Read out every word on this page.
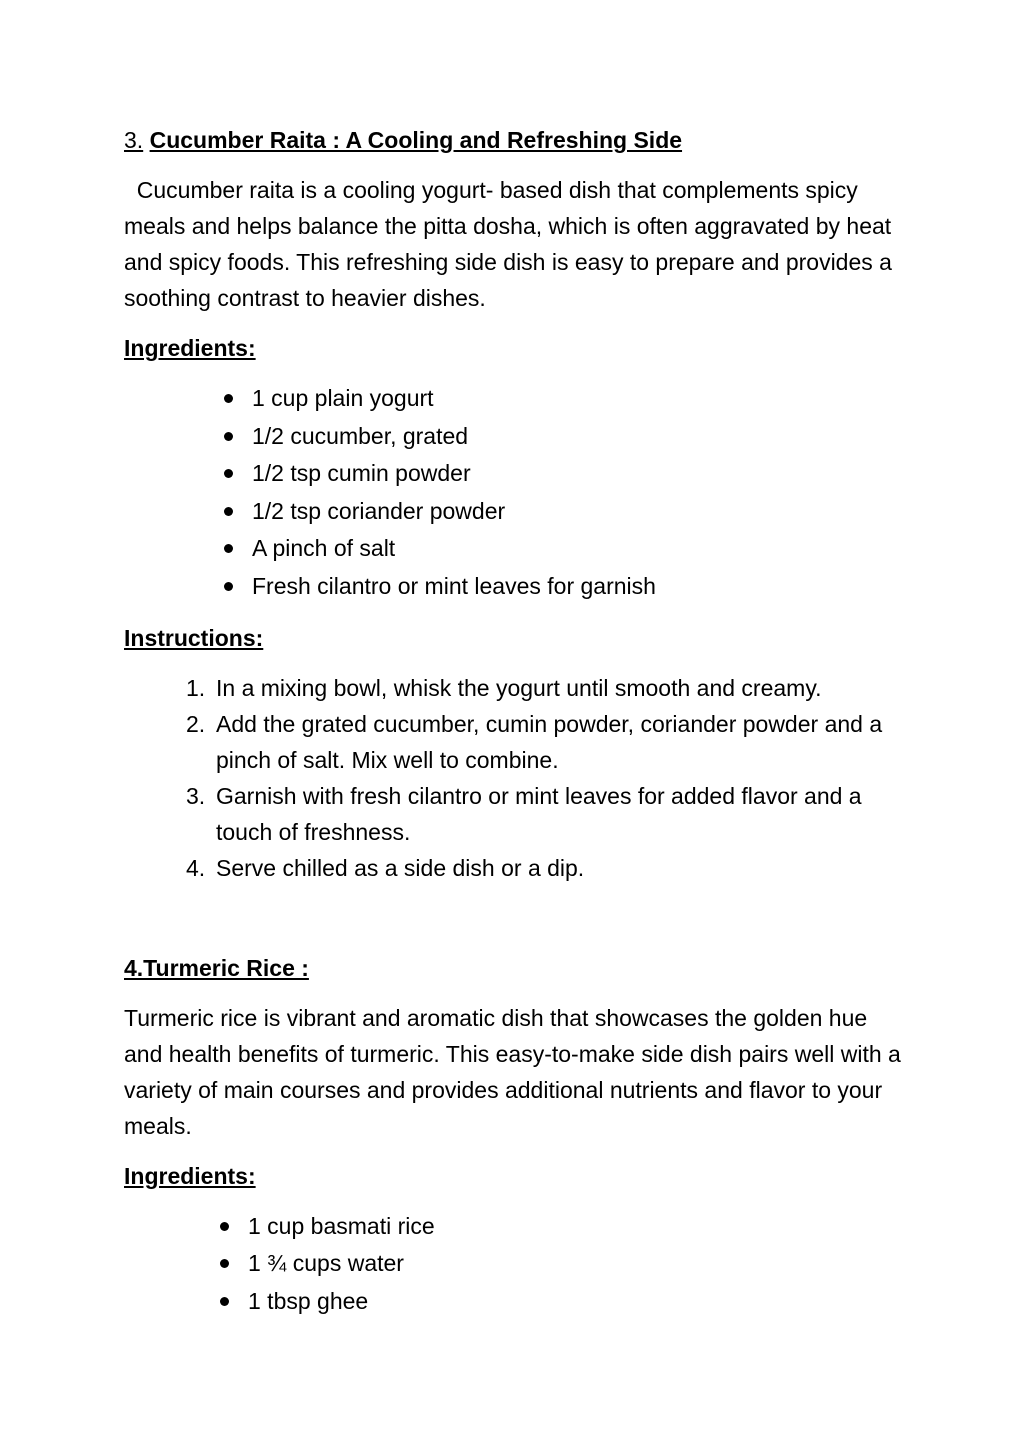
3. Cucumber Raita : A Cooling and Refreshing Side

Cucumber raita is a cooling yogurt- based dish that complements spicy meals and helps balance the pitta dosha, which is often aggravated by heat and spicy foods. This refreshing side dish is easy to prepare and provides a soothing contrast to heavier dishes.

Ingredients:
1 cup plain yogurt
1/2 cucumber, grated
1/2 tsp cumin powder
1/2 tsp coriander powder
A pinch of salt
Fresh cilantro or mint leaves for garnish
Instructions:
1. In a mixing bowl, whisk the yogurt until smooth and creamy.
2. Add the grated cucumber, cumin powder, coriander powder and a pinch of salt. Mix well to combine.
3. Garnish with fresh cilantro or mint leaves for added flavor and a touch of freshness.
4. Serve chilled as a side dish or a dip.
4.Turmeric Rice :

Turmeric rice is vibrant and aromatic dish that showcases the golden hue and health benefits of turmeric. This easy-to-make side dish pairs well with a variety of main courses and provides additional nutrients and flavor to your meals.

Ingredients:
1 cup basmati rice
1 ¾ cups water
1 tbsp ghee
